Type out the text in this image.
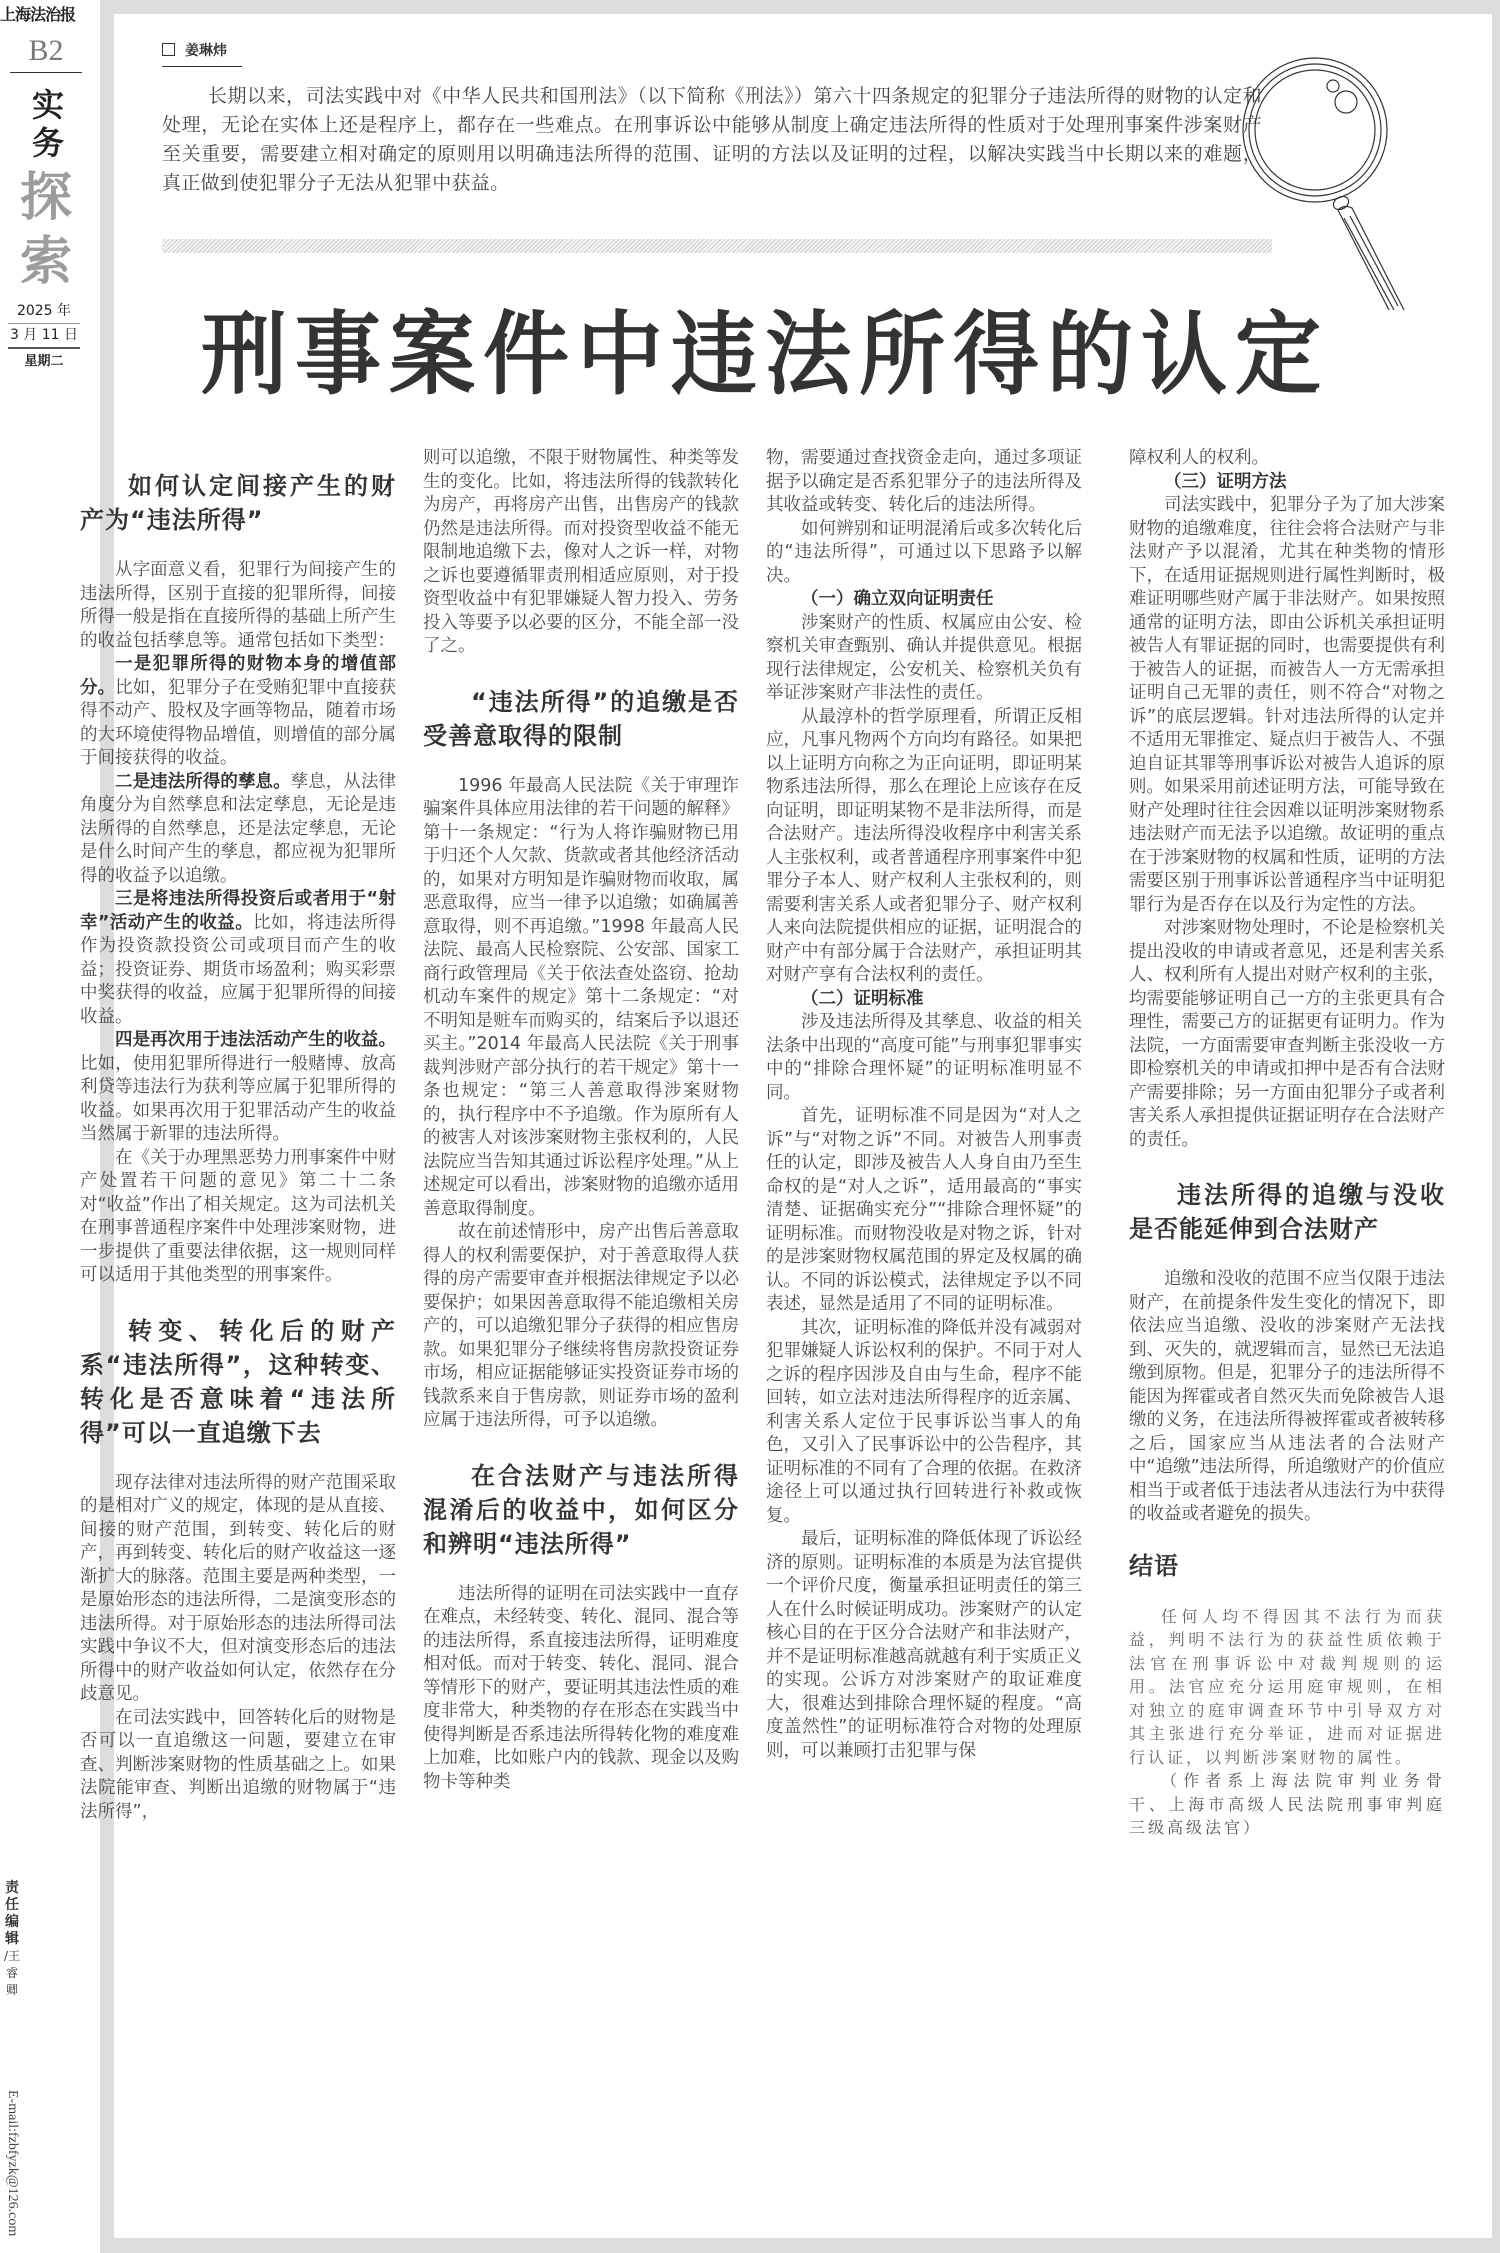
上海法治报
B2
实务
探索
2025 年
3 月 11 日
星期二
责任编辑 /王睿卿
E-mail:fzbfyzk@126.com
姜琳炜

长期以来，司法实践中对《中华人民共和国刑法》（以下简称《刑法》）第六十四条规定的犯罪分子违法所得的财物的认定和处理，无论在实体上还是程序上，都存在一些难点。在刑事诉讼中能够从制度上确定违法所得的性质对于处理刑事案件涉案财产至关重要，需要建立相对确定的原则用以明确违法所得的范围、证明的方法以及证明的过程，以解决实践当中长期以来的难题，真正做到使犯罪分子无法从犯罪中获益。

刑事案件中违法所得的认定
如何认定间接产生的财产为“违法所得”

从字面意义看，犯罪行为间接产生的违法所得，区别于直接的犯罪所得，间接所得一般是指在直接所得的基础上所产生的收益包括孳息等。通常包括如下类型：

一是犯罪所得的财物本身的增值部分。比如，犯罪分子在受贿犯罪中直接获得不动产、股权及字画等物品，随着市场的大环境使得物品增值，则增值的部分属于间接获得的收益。

二是违法所得的孳息。孳息，从法律角度分为自然孳息和法定孳息，无论是违法所得的自然孳息，还是法定孳息，无论是什么时间产生的孳息，都应视为犯罪所得的收益予以追缴。

三是将违法所得投资后或者用于“射幸”活动产生的收益。比如，将违法所得作为投资款投资公司或项目而产生的收益；投资证券、期货市场盈利；购买彩票中奖获得的收益，应属于犯罪所得的间接收益。

四是再次用于违法活动产生的收益。比如，使用犯罪所得进行一般赌博、放高利贷等违法行为获利等应属于犯罪所得的收益。如果再次用于犯罪活动产生的收益当然属于新罪的违法所得。

在《关于办理黑恶势力刑事案件中财产处置若干问题的意见》第二十二条对“收益”作出了相关规定。这为司法机关在刑事普通程序案件中处理涉案财物，进一步提供了重要法律依据，这一规则同样可以适用于其他类型的刑事案件。

转变、转化后的财产系“违法所得”，这种转变、转化是否意味着“违法所得”可以一直追缴下去

现存法律对违法所得的财产范围采取的是相对广义的规定，体现的是从直接、间接的财产范围，到转变、转化后的财产，再到转变、转化后的财产收益这一逐渐扩大的脉落。范围主要是两种类型，一是原始形态的违法所得，二是演变形态的违法所得。对于原始形态的违法所得司法实践中争议不大，但对演变形态后的违法所得中的财产收益如何认定，依然存在分歧意见。

在司法实践中，回答转化后的财物是否可以一直追缴这一问题，要建立在审查、判断涉案财物的性质基础之上。如果法院能审查、判断出追缴的财物属于“违法所得”，

则可以追缴，不限于财物属性、种类等发生的变化。比如，将违法所得的钱款转化为房产，再将房产出售，出售房产的钱款仍然是违法所得。而对投资型收益不能无限制地追缴下去，像对人之诉一样，对物之诉也要遵循罪责刑相适应原则，对于投资型收益中有犯罪嫌疑人智力投入、劳务投入等要予以必要的区分，不能全部一没了之。

“违法所得”的追缴是否受善意取得的限制

1996 年最高人民法院《关于审理诈骗案件具体应用法律的若干问题的解释》第十一条规定：“行为人将诈骗财物已用于归还个人欠款、货款或者其他经济活动的，如果对方明知是诈骗财物而收取，属恶意取得，应当一律予以追缴；如确属善意取得，则不再追缴。”1998 年最高人民法院、最高人民检察院、公安部、国家工商行政管理局《关于依法查处盗窃、抢劫机动车案件的规定》第十二条规定：“对不明知是赃车而购买的，结案后予以退还买主。”2014 年最高人民法院《关于刑事裁判涉财产部分执行的若干规定》第十一条也规定：“第三人善意取得涉案财物的，执行程序中不予追缴。作为原所有人的被害人对该涉案财物主张权利的，人民法院应当告知其通过诉讼程序处理。”从上述规定可以看出，涉案财物的追缴亦适用善意取得制度。

故在前述情形中，房产出售后善意取得人的权利需要保护，对于善意取得人获得的房产需要审查并根据法律规定予以必要保护；如果因善意取得不能追缴相关房产的，可以追缴犯罪分子获得的相应售房款。如果犯罪分子继续将售房款投资证券市场，相应证据能够证实投资证券市场的钱款系来自于售房款，则证券市场的盈利应属于违法所得，可予以追缴。

在合法财产与违法所得混淆后的收益中，如何区分和辨明“违法所得”

违法所得的证明在司法实践中一直存在难点，未经转变、转化、混同、混合等的违法所得，系直接违法所得，证明难度相对低。而对于转变、转化、混同、混合等情形下的财产，要证明其违法性质的难度非常大，种类物的存在形态在实践当中使得判断是否系违法所得转化物的难度难上加难，比如账户内的钱款、现金以及购物卡等种类

物，需要通过查找资金走向，通过多项证据予以确定是否系犯罪分子的违法所得及其收益或转变、转化后的违法所得。

如何辨别和证明混淆后或多次转化后的“违法所得”，可通过以下思路予以解决。

（一）确立双向证明责任

涉案财产的性质、权属应由公安、检察机关审查甄别、确认并提供意见。根据现行法律规定，公安机关、检察机关负有举证涉案财产非法性的责任。

从最淳朴的哲学原理看，所谓正反相应，凡事凡物两个方向均有路径。如果把以上证明方向称之为正向证明，即证明某物系违法所得，那么在理论上应该存在反向证明，即证明某物不是非法所得，而是合法财产。违法所得没收程序中利害关系人主张权利，或者普通程序刑事案件中犯罪分子本人、财产权利人主张权利的，则需要利害关系人或者犯罪分子、财产权利人来向法院提供相应的证据，证明混合的财产中有部分属于合法财产，承担证明其对财产享有合法权利的责任。

（二）证明标准

涉及违法所得及其孳息、收益的相关法条中出现的“高度可能”与刑事犯罪事实中的“排除合理怀疑”的证明标准明显不同。

首先，证明标准不同是因为“对人之诉”与“对物之诉”不同。对被告人刑事责任的认定，即涉及被告人人身自由乃至生命权的是“对人之诉”，适用最高的“事实清楚、证据确实充分”“排除合理怀疑”的证明标准。而财物没收是对物之诉，针对的是涉案财物权属范围的界定及权属的确认。不同的诉讼模式，法律规定予以不同表述，显然是适用了不同的证明标准。

其次，证明标准的降低并没有减弱对犯罪嫌疑人诉讼权利的保护。不同于对人之诉的程序因涉及自由与生命，程序不能回转，如立法对违法所得程序的近亲属、利害关系人定位于民事诉讼当事人的角色，又引入了民事诉讼中的公告程序，其证明标准的不同有了合理的依据。在救济途径上可以通过执行回转进行补救或恢复。

最后，证明标准的降低体现了诉讼经济的原则。证明标准的本质是为法官提供一个评价尺度，衡量承担证明责任的第三人在什么时候证明成功。涉案财产的认定核心目的在于区分合法财产和非法财产，并不是证明标准越高就越有利于实质正义的实现。公诉方对涉案财产的取证难度大，很难达到排除合理怀疑的程度。“高度盖然性”的证明标准符合对物的处理原则，可以兼顾打击犯罪与保

障权利人的权利。

（三）证明方法

司法实践中，犯罪分子为了加大涉案财物的追缴难度，往往会将合法财产与非法财产予以混淆，尤其在种类物的情形下，在适用证据规则进行属性判断时，极难证明哪些财产属于非法财产。如果按照通常的证明方法，即由公诉机关承担证明被告人有罪证据的同时，也需要提供有利于被告人的证据，而被告人一方无需承担证明自己无罪的责任，则不符合“对物之诉”的底层逻辑。针对违法所得的认定并不适用无罪推定、疑点归于被告人、不强迫自证其罪等刑事诉讼对被告人追诉的原则。如果采用前述证明方法，可能导致在财产处理时往往会因难以证明涉案财物系违法财产而无法予以追缴。故证明的重点在于涉案财物的权属和性质，证明的方法需要区别于刑事诉讼普通程序当中证明犯罪行为是否存在以及行为定性的方法。

对涉案财物处理时，不论是检察机关提出没收的申请或者意见，还是利害关系人、权利所有人提出对财产权利的主张，均需要能够证明自己一方的主张更具有合理性，需要己方的证据更有证明力。作为法院，一方面需要审查判断主张没收一方即检察机关的申请或扣押中是否有合法财产需要排除；另一方面由犯罪分子或者利害关系人承担提供证据证明存在合法财产的责任。

违法所得的追缴与没收是否能延伸到合法财产

追缴和没收的范围不应当仅限于违法财产，在前提条件发生变化的情况下，即依法应当追缴、没收的涉案财产无法找到、灭失的，就逻辑而言，显然已无法追缴到原物。但是，犯罪分子的违法所得不能因为挥霍或者自然灭失而免除被告人退缴的义务，在违法所得被挥霍或者被转移之后，国家应当从违法者的合法财产中“追缴”违法所得，所追缴财产的价值应相当于或者低于违法者从违法行为中获得的收益或者避免的损失。

结语

任何人均不得因其不法行为而获益，判明不法行为的获益性质依赖于法官在刑事诉讼中对裁判规则的运用。法官应充分运用庭审规则，在相对独立的庭审调查环节中引导双方对其主张进行充分举证，进而对证据进行认证，以判断涉案财物的属性。

（作者系上海法院审判业务骨干、上海市高级人民法院刑事审判庭三级高级法官）
